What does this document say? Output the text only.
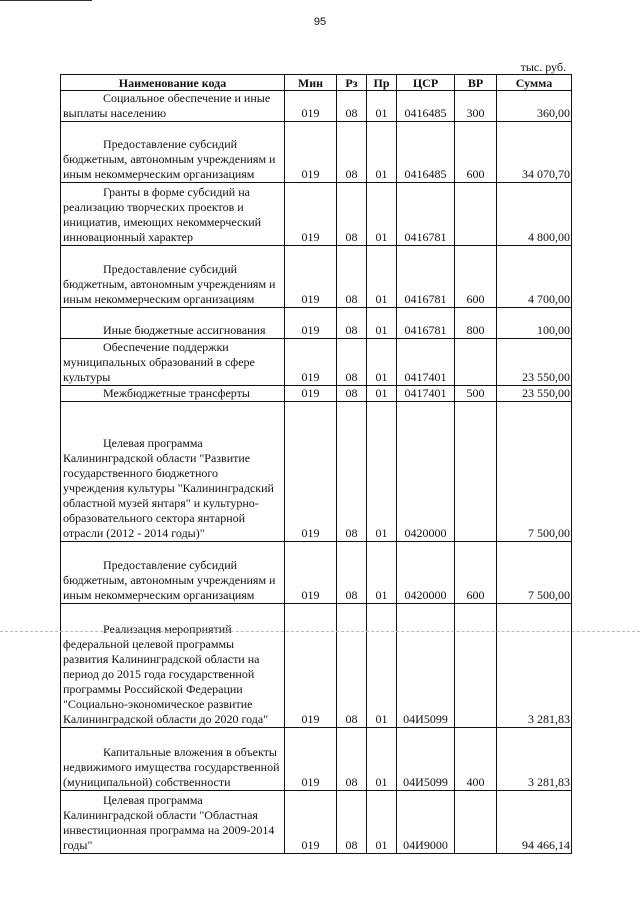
95
тыс. руб.
Наименование кода	Мин	Рз	Пр	ЦСР	ВР	Сумма

Социальное обеспечение и иные выплаты населению	019	08	01	0416485	300	360,00

Предоставление субсидий бюджетным, автономным учреждениям и иным некоммерческим организациям	019	08	01	0416485	600	34 070,70

Гранты в форме субсидий на реализацию творческих проектов и инициатив, имеющих некоммерческий инновационный характер	019	08	01	0416781		4 800,00

Предоставление субсидий бюджетным, автономным учреждениям и иным некоммерческим организациям	019	08	01	0416781	600	4 700,00

Иные бюджетные ассигнования	019	08	01	0416781	800	100,00

Обеспечение поддержки муниципальных образований в сфере культуры	019	08	01	0417401		23 550,00

Межбюджетные трансферты	019	08	01	0417401	500	23 550,00

Целевая программа Калининградской области "Развитие государственного бюджетного учреждения культуры "Калининградский областной музей янтаря" и культурно-образовательного сектора янтарной отрасли (2012 - 2014 годы)"	019	08	01	0420000		7 500,00

Предоставление субсидий бюджетным, автономным учреждениям и иным некоммерческим организациям	019	08	01	0420000	600	7 500,00

Реализация мероприятий федеральной целевой программы развития Калининградской области на период до 2015 года государственной программы Российской Федерации "Социально-экономическое развитие Калининградской области до 2020 года"	019	08	01	04И5099		3 281,83

Капитальные вложения в объекты недвижимого имущества государственной (муниципальной) собственности	019	08	01	04И5099	400	3 281,83

Целевая программа Калининградской области "Областная инвестиционная программа на 2009-2014 годы"	019	08	01	04И9000		94 466,14
